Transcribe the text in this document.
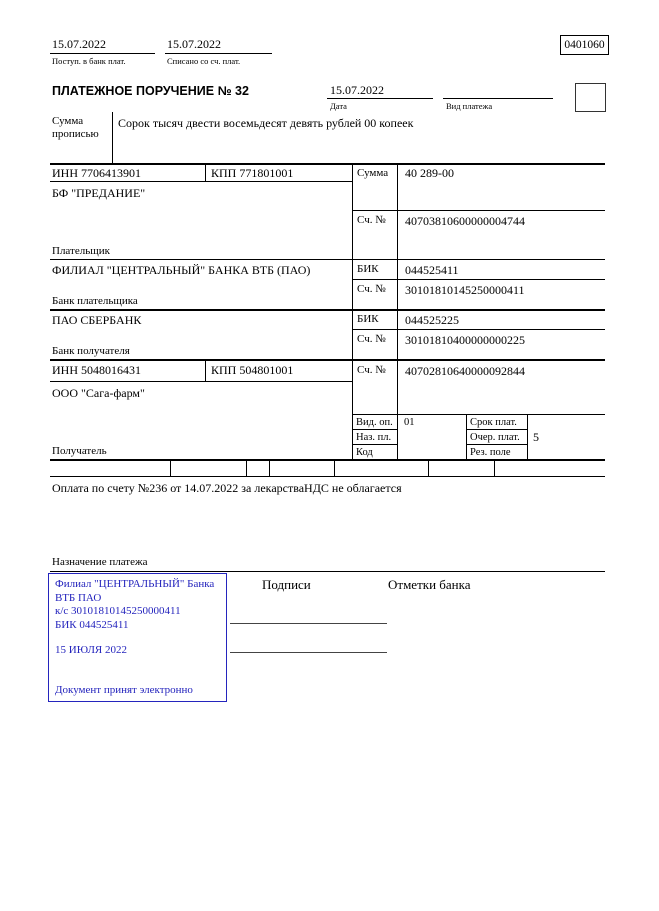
15.07.2022
Поступ. в банк плат.
15.07.2022
Списано со сч. плат.
0401060
ПЛАТЕЖНОЕ ПОРУЧЕНИЕ № 32	15.07.2022
Дата	Вид платежа
Сумма прописью
Сорок тысяч двести восемьдесят девять рублей 00 копеек
ИНН 7706413901	КПП 771801001	Сумма 40 289-00
БФ "ПРЕДАНИЕ"
Сч. № 40703810600000004744
Плательщик
ФИЛИАЛ "ЦЕНТРАЛЬНЫЙ" БАНКА ВТБ (ПАО)	БИК 044525411
Сч. № 30101810145250000411
Банк плательщика
ПАО СБЕРБАНК	БИК 044525225
Сч. № 30101810400000000225
Банк получателя
ИНН 5048016431	КПП 504801001	Сч. № 40702810640000092844
ООО "Сага-фарм"
Получатель
Вид. оп. 01	Срок плат.
Наз. пл.	Очер. плат. 5
Код	Рез. поле
Оплата по счету №236 от 14.07.2022 за лекарстваНДС не облагается
Назначение платежа
Филиал "ЦЕНТРАЛЬНЫЙ" Банка
ВТБ ПАО
к/с 30101810145250000411
БИК 044525411
15 ИЮЛЯ 2022
Документ принят электронно
Подписи	Отметки банка
